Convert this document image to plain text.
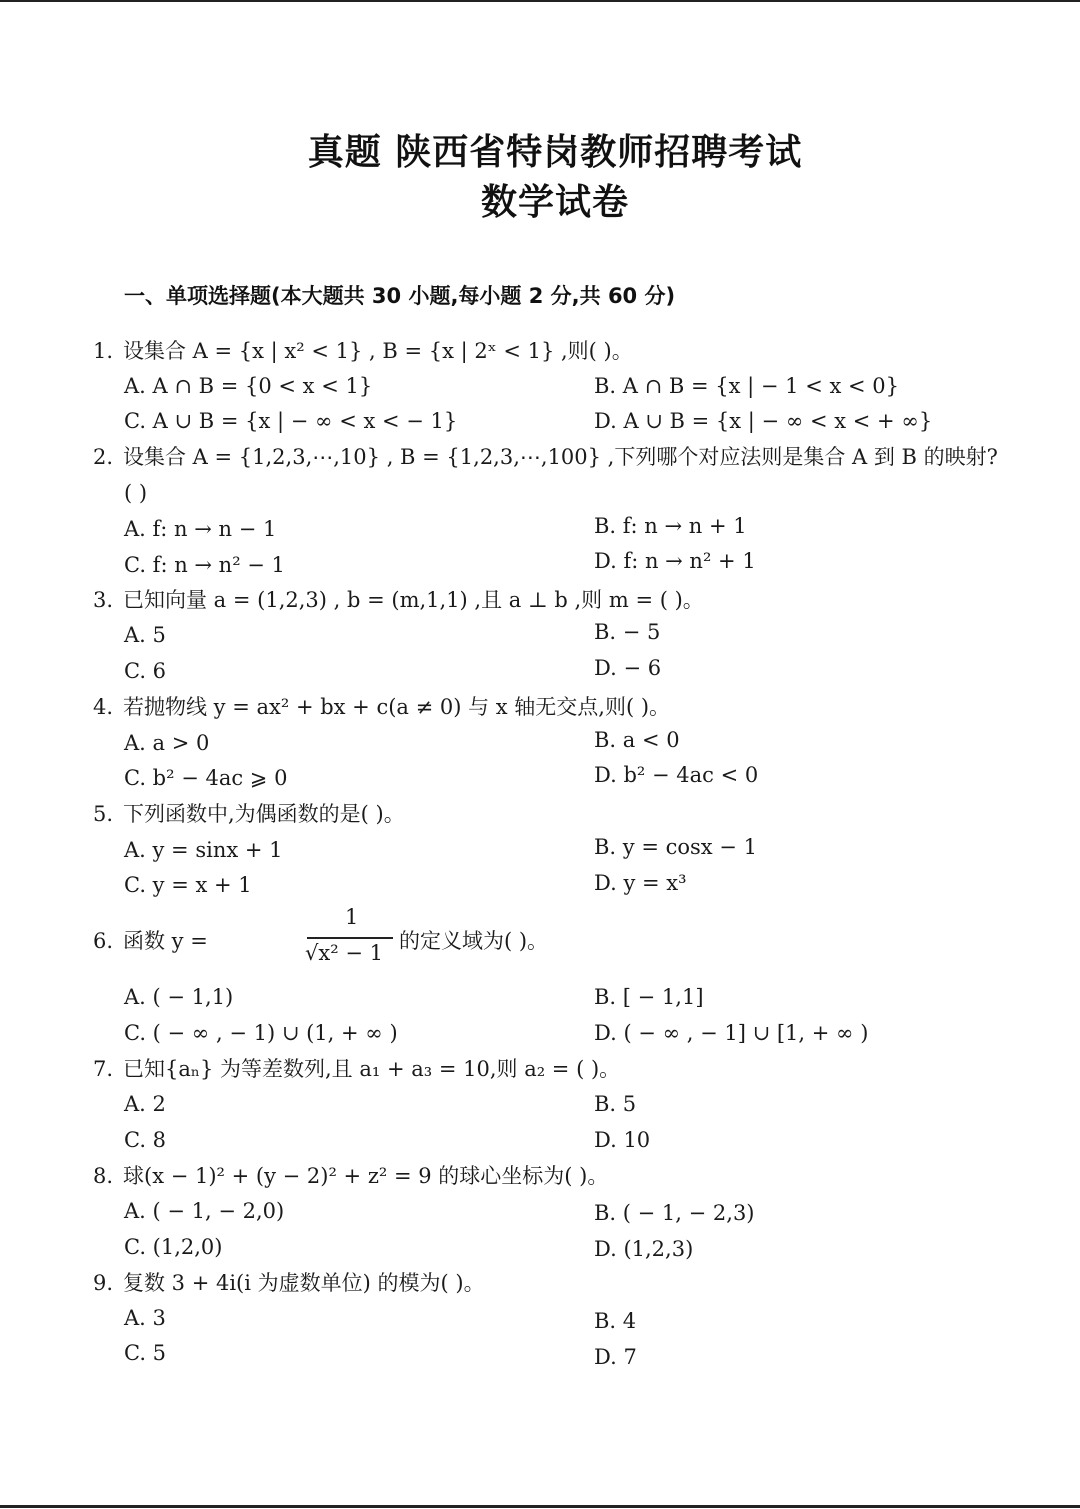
真题 陕西省特岗教师招聘考试
数学试卷
一、单项选择题(本大题共 30 小题,每小题 2 分,共 60 分)
1. 设集合 A = {x | x² < 1} , B = {x | 2ˣ < 1} ,则( )。
A. A ∩ B = {0 < x < 1}	B. A ∩ B = {x | − 1 < x < 0}
C. A ∪ B = {x | − ∞ < x < − 1}	D. A ∪ B = {x | − ∞ < x < + ∞}
2. 设集合 A = {1,2,3,⋯,10} , B = {1,2,3,⋯,100} ,下列哪个对应法则是集合 A 到 B 的映射?
( )
A. f: n → n − 1	B. f: n → n + 1
C. f: n → n² − 1	D. f: n → n² + 1
3. 已知向量 a = (1,2,3) , b = (m,1,1) ,且 a ⊥ b ,则 m = ( )。
A. 5	B. − 5
C. 6	D. − 6
4. 若抛物线 y = ax² + bx + c(a ≠ 0) 与 x 轴无交点,则( )。
A. a > 0	B. a < 0
C. b² − 4ac ⩾ 0	D. b² − 4ac < 0
5. 下列函数中,为偶函数的是( )。
A. y = sinx + 1	B. y = cosx − 1
C. y = x + 1	D. y = x³
6. 函数 y =
1
√x² − 1 的定义域为( )。
A. ( − 1,1)	B. [ − 1,1]
C. ( − ∞ , − 1) ∪ (1, + ∞ )	D. ( − ∞ , − 1] ∪ [1, + ∞ )
7. 已知{aₙ} 为等差数列,且 a₁ + a₃ = 10,则 a₂ = ( )。
A. 2	B. 5
C. 8	D. 10
8. 球(x − 1)² + (y − 2)² + z² = 9 的球心坐标为( )。
A. ( − 1, − 2,0)	B. ( − 1, − 2,3)
C. (1,2,0)	D. (1,2,3)
9. 复数 3 + 4i(i 为虚数单位) 的模为( )。
A. 3	B. 4
C. 5	D. 7
